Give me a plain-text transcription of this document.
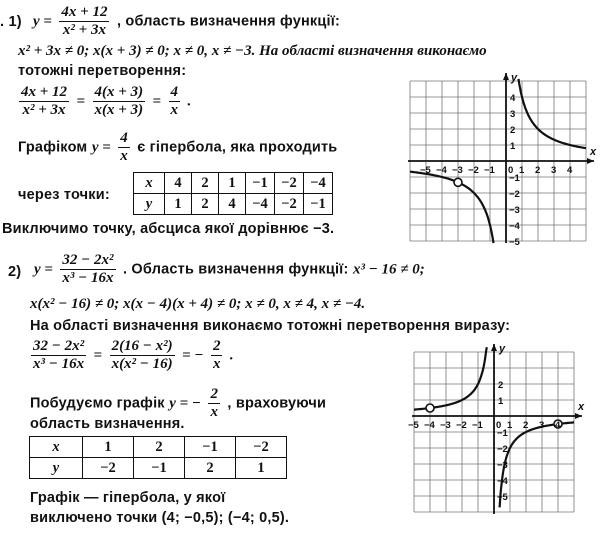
. 1) $y = \frac{4x + 12}{\text{x² + 3x}}$ , область визначення функції:
x² + 3x ≠ 0; x(x + 3) ≠ 0; x ≠ 0, x ≠ −3. На області визначення виконаємо
тотожні перетворення:
$\frac{4x + 12}{\text{x² + 3x}} = \frac{4(x + 3)}{x(x + 3)} = \frac{4}{x}$ .
Графіком $y = \frac{4}{x}$ є гіпербола, яка проходить
через точки:
x	4	2	1	−1	−2	−4
y	1	2	4	−4	−2	−1
Виключимо точку, абсциса якої дорівнює −3.
x
y
−5 −4 −3 −2 −1 0 1 2 3 4
4
3
2
1
−1
−2
−3
−4
−5
2) $y = \frac{\text{32 − 2x²}}{\text{x³ − 16x}}$ . Область визначення функції: x³ − 16 ≠ 0;
x(x² − 16) ≠ 0; x(x − 4)(x + 4) ≠ 0; x ≠ 0, x ≠ 4, x ≠ −4.
На області визначення виконаємо тотожні перетворення виразу:
$\frac{\text{32 − 2x²}}{\text{x³ − 16x}} = \frac{\text{2(16 − x²)}}{\text{x(x² − 16)}}$ = − $\frac{2}{x}$ .
Побудуємо графік y = − $\frac{2}{x}$ , враховуючи
область визначення.
x	1	2	−1	−2
y	−2	−1	2	1
Графік — гіпербола, у якої
виключено точки (4; −0,5); (−4; 0,5).
x
y
−5 −4 −3 −2 −1 0 1 2 3 4
2
1
−1
−2
−3
−4
−5
